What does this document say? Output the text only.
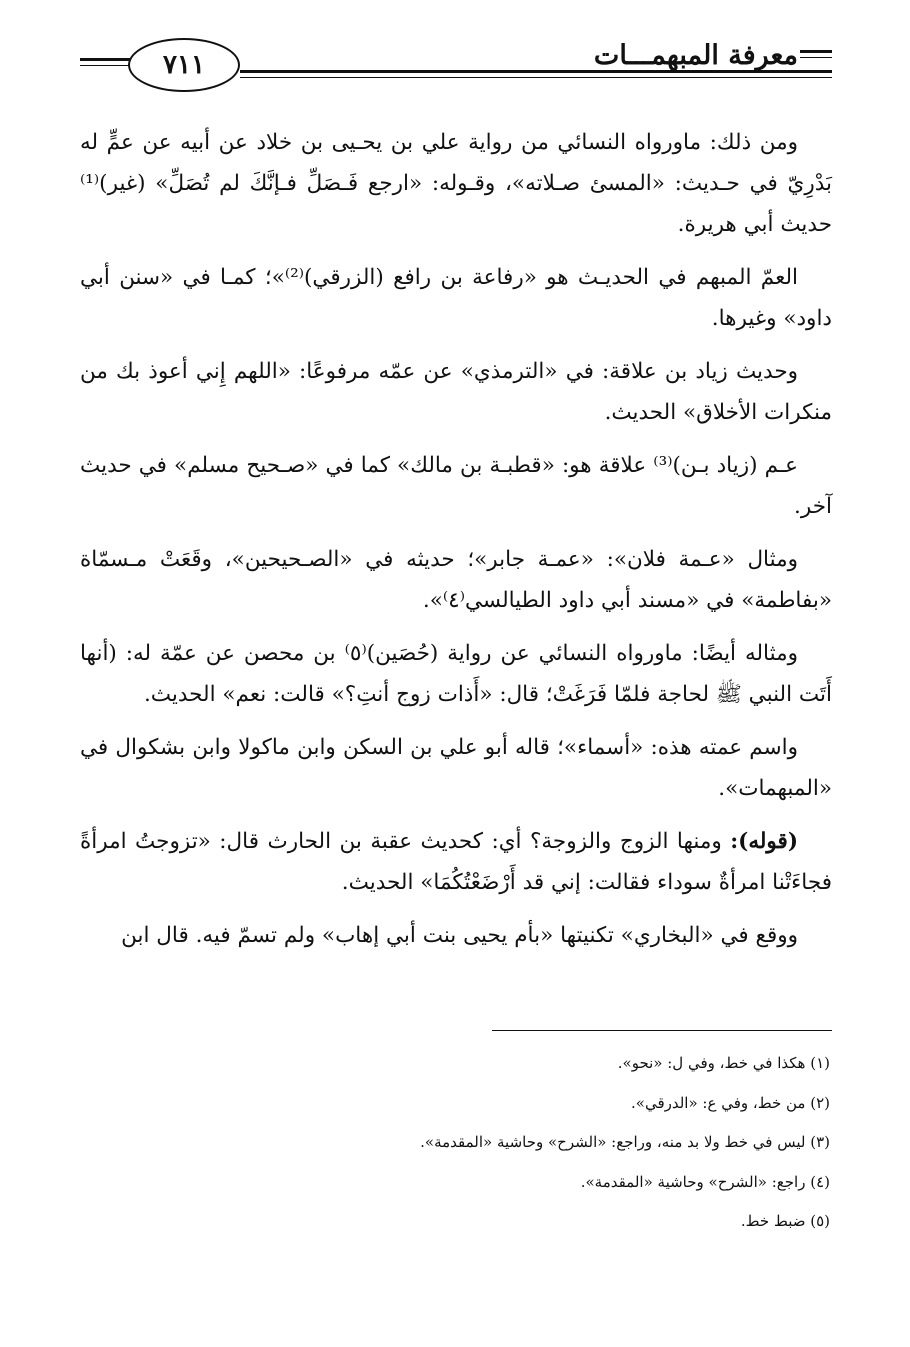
معرفة المبهمـــات
٧١١

ومن ذلك: ماورواه النسائي من رواية علي بن يحـيى بن خلاد عن أبيه عن عمٍّ له بَدْرِيّ في حـديث: «المسئ صـلاته»، وقـوله: «ارجع فَـصَلِّ فـإنَّكَ لم تُصَلِّ» (غير)⁽¹⁾ حديث أبي هريرة.

العمّ المبهم في الحديـث هو «رفاعة بن رافع (الزرقي)⁽²⁾»؛ كمـا في «سنن أبي داود» وغيرها.

وحديث زياد بن علاقة: في «الترمذي» عن عمّه مرفوعًا: «اللهم إِني أعوذ بك من منكرات الأخلاق» الحديث.

عـم (زياد بـن)⁽³⁾ علاقة هو: «قطبـة بن مالك» كما في «صـحيح مسلم» في حديث آخر.

ومثال «عـمة فلان»: «عمـة جابر»؛ حديثه في «الصـحيحين»، وقَعَتْ مـسمّاة «بفاطمة» في «مسند أبي داود الطيالسي⁽٤⁾».

ومثاله أيضًا: ماورواه النسائي عن رواية (حُصَين)⁽٥⁾ بن محصن عن عمّة له: (أنها أَتَت النبي ﷺ لحاجة فلمّا فَرَغَتْ؛ قال: «أَذات زوج أنتِ؟» قالت: نعم» الحديث.

واسم عمته هذه: «أسماء»؛ قاله أبو علي بن السكن وابن ماكولا وابن بشكوال في «المبهمات».

(قوله): ومنها الزوج والزوجة؟ أي: كحديث عقبة بن الحارث قال: «تزوجتُ امرأةً فجاءَتْنا امرأةٌ سوداء فقالت: إني قد أَرْضَعْتُكُمَا» الحديث.

ووقع في «البخاري» تكنيتها «بأم يحيى بنت أبي إهاب» ولم تسمّ فيه. قال ابن

(١) هكذا في خط، وفي ل: «نحو».

(٢) من خط، وفي ع: «الدرقي».

(٣) ليس في خط ولا بد منه، وراجع: «الشرح» وحاشية «المقدمة».

(٤) راجع: «الشرح» وحاشية «المقدمة».

(٥) ضبط خط.
